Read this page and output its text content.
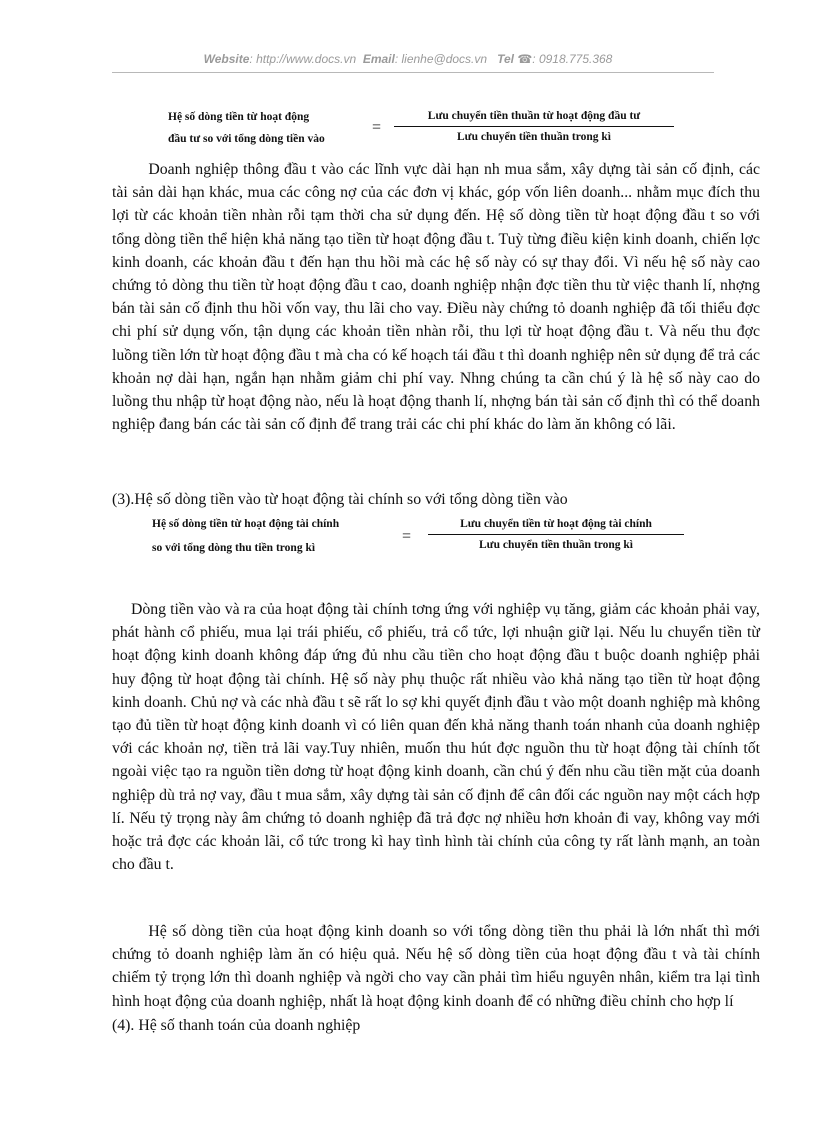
Website: http://www.docs.vn Email: lienhe@docs.vn Tel ☎: 0918.775.368
Hệ số dòng tiền từ hoạt động
đầu tư so với tổng dòng tiền vào
=
Lưu chuyển tiền thuần từ hoạt động đầu tư
Lưu chuyển tiền thuần trong kì

Doanh nghiệp thông đầu t vào các lĩnh vực dài hạn nh mua sắm, xây dựng tài sản cố định, các tài sản dài hạn khác, mua các công nợ của các đơn vị khác, góp vốn liên doanh... nhằm mục đích thu lợi từ các khoản tiền nhàn rỗi tạm thời cha sử dụng đến. Hệ số dòng tiền từ hoạt động đầu t so với tổng dòng tiền thể hiện khả năng tạo tiền từ hoạt động đầu t. Tuỳ từng điều kiện kinh doanh, chiến lợc kinh doanh, các khoản đầu t đến hạn thu hồi mà các hệ số này có sự thay đổi. Vì nếu hệ số này cao chứng tỏ dòng thu tiền từ hoạt động đầu t cao, doanh nghiệp nhận đợc tiền thu từ việc thanh lí, nhợng bán tài sản cố định thu hồi vốn vay, thu lãi cho vay. Điều này chứng tỏ doanh nghiệp đã tối thiểu đợc chi phí sử dụng vốn, tận dụng các khoản tiền nhàn rỗi, thu lợi từ hoạt động đầu t. Và nếu thu đợc luồng tiền lớn từ hoạt động đầu t mà cha có kế hoạch tái đầu t thì doanh nghiệp nên sử dụng để trả các khoản nợ dài hạn, ngắn hạn nhằm giảm chi phí vay. Nhng chúng ta cần chú ý là hệ số này cao do luồng thu nhập từ hoạt động nào, nếu là hoạt động thanh lí, nhợng bán tài sản cố định thì có thể doanh nghiệp đang bán các tài sản cố định để trang trải các chi phí khác do làm ăn không có lãi.

(3).Hệ số dòng tiền vào từ hoạt động tài chính so với tổng dòng tiền vào

Hệ số dòng tiền từ hoạt động tài chính
so với tổng dòng thu tiền trong kì
=
Lưu chuyển tiền từ hoạt động tài chính
Lưu chuyển tiền thuần trong kì

Dòng tiền vào và ra của hoạt động tài chính tơng ứng với nghiệp vụ tăng, giảm các khoản phải vay, phát hành cổ phiếu, mua lại trái phiếu, cổ phiếu, trả cổ tức, lợi nhuận giữ lại. Nếu lu chuyển tiền từ hoạt động kinh doanh không đáp ứng đủ nhu cầu tiền cho hoạt động đầu t buộc doanh nghiệp phải huy động từ hoạt động tài chính. Hệ số này phụ thuộc rất nhiều vào khả năng tạo tiền từ hoạt động kinh doanh. Chủ nợ và các nhà đầu t sẽ rất lo sợ khi quyết định đầu t vào một doanh nghiệp mà không tạo đủ tiền từ hoạt động kinh doanh vì có liên quan đến khả năng thanh toán nhanh của doanh nghiệp với các khoản nợ, tiền trả lãi vay.Tuy nhiên, muốn thu hút đợc nguồn thu từ hoạt động tài chính tốt ngoài việc tạo ra nguồn tiền dơng từ hoạt động kinh doanh, cần chú ý đến nhu cầu tiền mặt của doanh nghiệp dù trả nợ vay, đầu t mua sắm, xây dựng tài sản cố định để cân đối các nguồn nay một cách hợp lí. Nếu tỷ trọng này âm chứng tỏ doanh nghiệp đã trả đợc nợ nhiều hơn khoản đi vay, không vay mới hoặc trả đợc các khoản lãi, cổ tức trong kì hay tình hình tài chính của công ty rất lành mạnh, an toàn cho đầu t.

Hệ số dòng tiền của hoạt động kinh doanh so với tổng dòng tiền thu phải là lớn nhất thì mới chứng tỏ doanh nghiệp làm ăn có hiệu quả. Nếu hệ số dòng tiền của hoạt động đầu t và tài chính chiếm tỷ trọng lớn thì doanh nghiệp và ngời cho vay cần phải tìm hiểu nguyên nhân, kiểm tra lại tình hình hoạt động của doanh nghiệp, nhất là hoạt động kinh doanh để có những điều chỉnh cho hợp lí

(4). Hệ số thanh toán của doanh nghiệp
